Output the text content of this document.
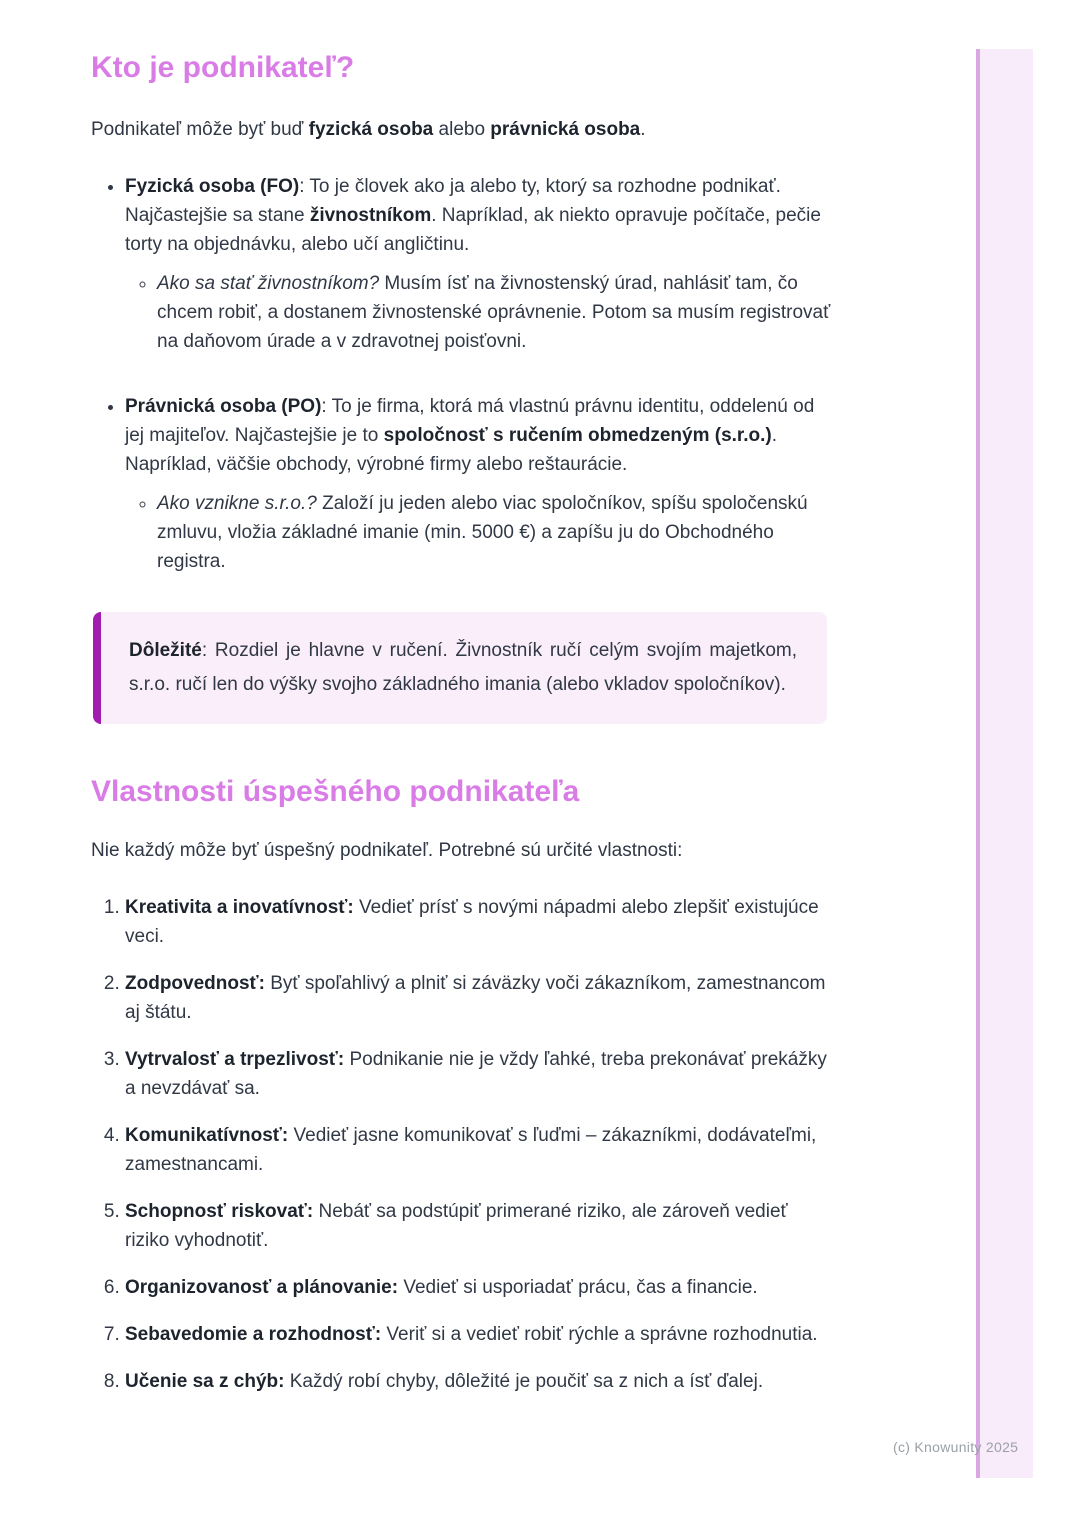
(c) Knowunity 2025
Kto je podnikateľ?

Podnikateľ môže byť buď fyzická osoba alebo právnická osoba.

• Fyzická osoba (FO): To je človek ako ja alebo ty, ktorý sa rozhodne podnikať. Najčastejšie sa stane živnostníkom. Napríklad, ak niekto opravuje počítače, pečie torty na objednávku, alebo učí angličtinu.
◦ Ako sa stať živnostníkom? Musím ísť na živnostenský úrad, nahlásiť tam, čo chcem robiť, a dostanem živnostenské oprávnenie. Potom sa musím registrovať na daňovom úrade a v zdravotnej poisťovni.
• Právnická osoba (PO): To je firma, ktorá má vlastnú právnu identitu, oddelenú od jej majiteľov. Najčastejšie je to spoločnosť s ručením obmedzeným (s.r.o.). Napríklad, väčšie obchody, výrobné firmy alebo reštaurácie.
◦ Ako vznikne s.r.o.? Založí ju jeden alebo viac spoločníkov, spíšu spoločenskú zmluvu, vložia základné imanie (min. 5000 €) a zapíšu ju do Obchodného registra.

Dôležité: Rozdiel je hlavne v ručení. Živnostník ručí celým svojím majetkom, s.r.o. ručí len do výšky svojho základného imania (alebo vkladov spoločníkov).

Vlastnosti úspešného podnikateľa

Nie každý môže byť úspešný podnikateľ. Potrebné sú určité vlastnosti:

1. Kreativita a inovatívnosť: Vedieť prísť s novými nápadmi alebo zlepšiť existujúce veci.
2. Zodpovednosť: Byť spoľahlivý a plniť si záväzky voči zákazníkom, zamestnancom aj štátu.
3. Vytrvalosť a trpezlivosť: Podnikanie nie je vždy ľahké, treba prekonávať prekážky a nevzdávať sa.
4. Komunikatívnosť: Vedieť jasne komunikovať s ľuďmi – zákazníkmi, dodávateľmi, zamestnancami.
5. Schopnosť riskovať: Nebáť sa podstúpiť primerané riziko, ale zároveň vedieť riziko vyhodnotiť.
6. Organizovanosť a plánovanie: Vedieť si usporiadať prácu, čas a financie.
7. Sebavedomie a rozhodnosť: Veriť si a vedieť robiť rýchle a správne rozhodnutia.
8. Učenie sa z chýb: Každý robí chyby, dôležité je poučiť sa z nich a ísť ďalej.
